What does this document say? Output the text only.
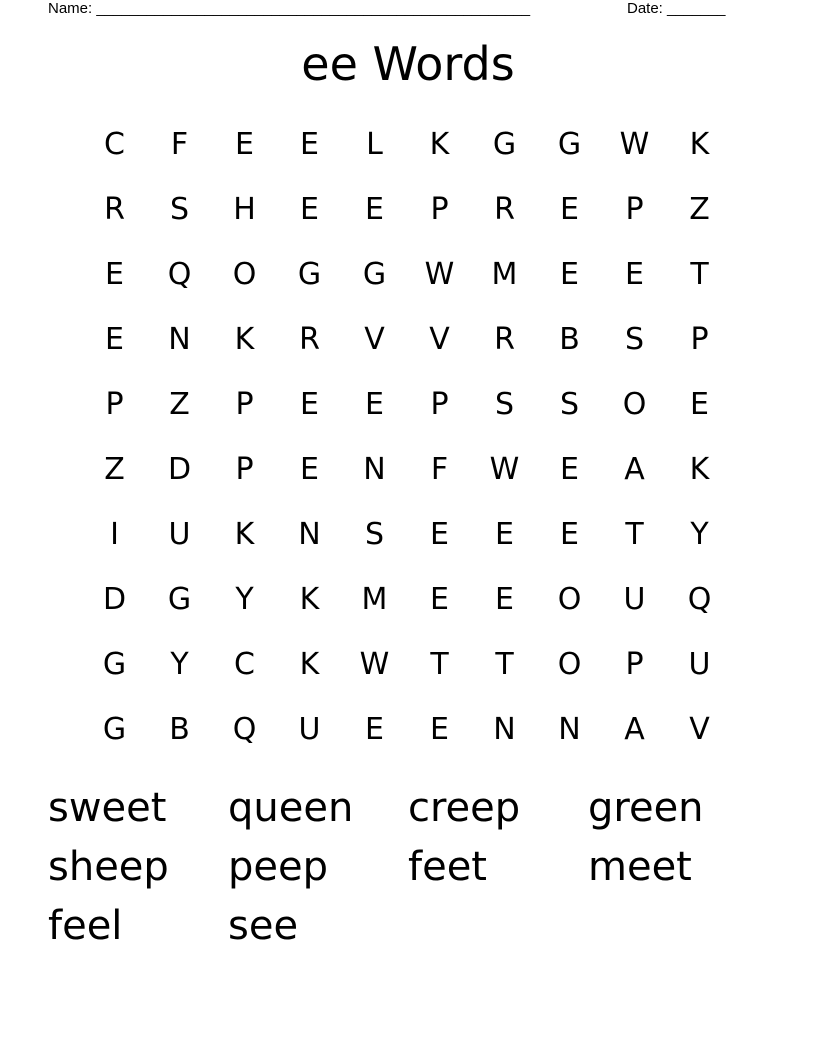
Name: ____________________________________________________	Date: _______
ee Words
C	F	E	E	L	K	G	G	W	K
R	S	H	E	E	P	R	E	P	Z
E	Q	O	G	G	W	M	E	E	T
E	N	K	R	V	V	R	B	S	P
P	Z	P	E	E	P	S	S	O	E
Z	D	P	E	N	F	W	E	A	K
I	U	K	N	S	E	E	E	T	Y
D	G	Y	K	M	E	E	O	U	Q
G	Y	C	K	W	T	T	O	P	U
G	B	Q	U	E	E	N	N	A	V
sweet	queen	creep	green
sheep	peep	feet	meet
feel	see
